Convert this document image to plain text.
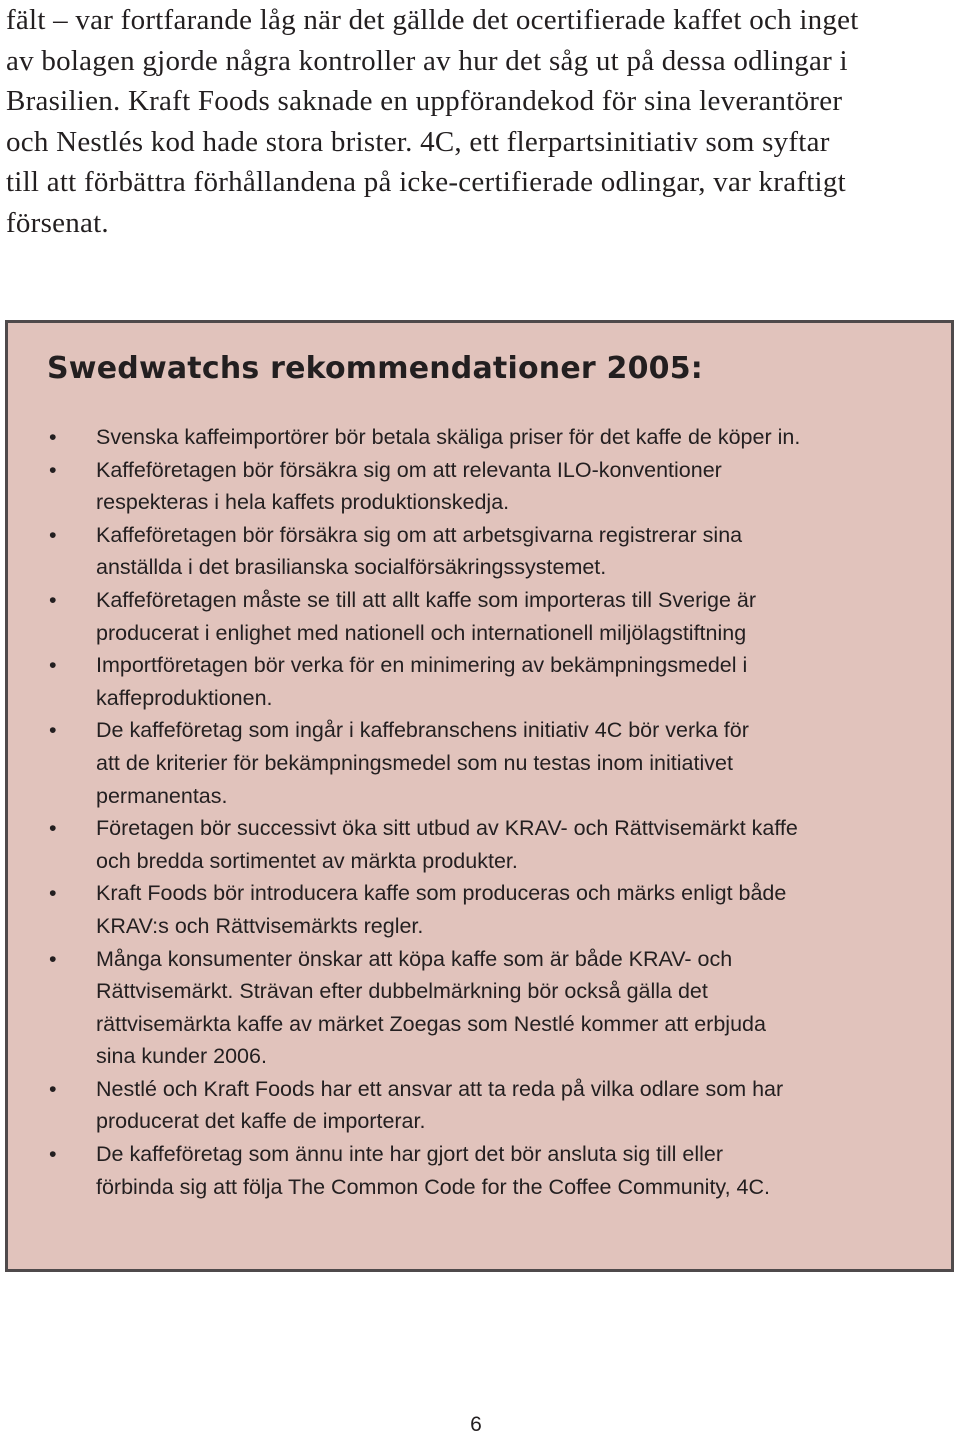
fält – var fortfarande låg när det gällde det ocertifierade kaffet och inget
av bolagen gjorde några kontroller av hur det såg ut på dessa odlingar i
Brasilien. Kraft Foods saknade en uppförandekod för sina leverantörer
och Nestlés kod hade stora brister. 4C, ett flerpartsinitiativ som syftar
till att förbättra förhållandena på icke-certifierade odlingar, var kraftigt
försenat.
Swedwatchs rekommendationer 2005:
•	Svenska kaffeimportörer bör betala skäliga priser för det kaffe de köper in.
•	Kaffeföretagen bör försäkra sig om att relevanta ILO-konventioner
respekteras i hela kaffets produktionskedja.
•	Kaffeföretagen bör försäkra sig om att arbetsgivarna registrerar sina
anställda i det brasilianska socialförsäkringssystemet.
•	Kaffeföretagen måste se till att allt kaffe som importeras till Sverige är
producerat i enlighet med nationell och internationell miljölagstiftning
•	Importföretagen bör verka för en minimering av bekämpningsmedel i
kaffeproduktionen.
•	De kaffeföretag som ingår i kaffebranschens initiativ 4C bör verka för
att de kriterier för bekämpningsmedel som nu testas inom initiativet
permanentas.
•	Företagen bör successivt öka sitt utbud av KRAV- och Rättvisemärkt kaffe
och bredda sortimentet av märkta produkter.
•	Kraft Foods bör introducera kaffe som produceras och märks enligt både
KRAV:s och Rättvisemärkts regler.
•	Många konsumenter önskar att köpa kaffe som är både KRAV- och
Rättvisemärkt. Strävan efter dubbelmärkning bör också gälla det
rättvisemärkta kaffe av märket Zoegas som Nestlé kommer att erbjuda
sina kunder 2006.
•	Nestlé och Kraft Foods har ett ansvar att ta reda på vilka odlare som har
producerat det kaffe de importerar.
•	De kaffeföretag som ännu inte har gjort det bör ansluta sig till eller
förbinda sig att följa The Common Code for the Coffee Community, 4C.
6
